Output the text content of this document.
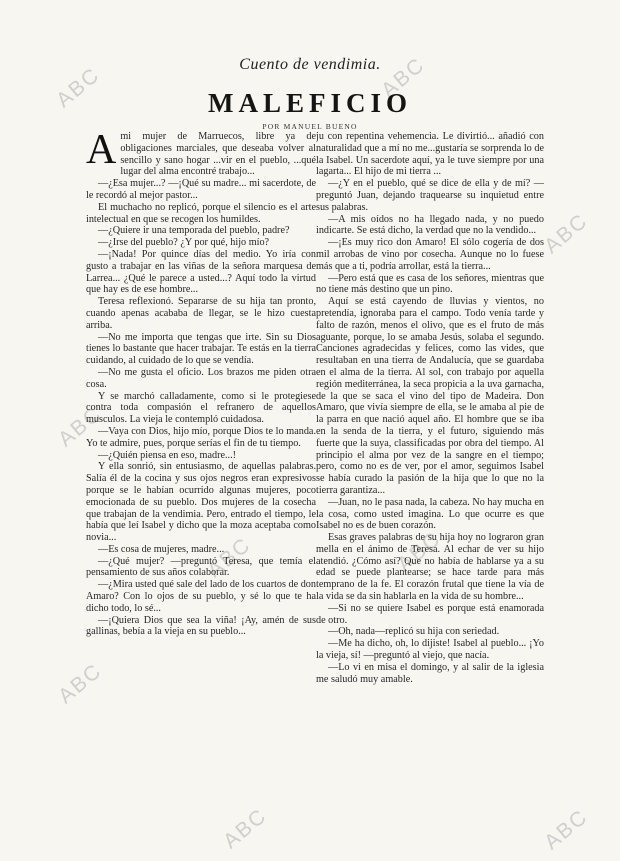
ABC	ABC
ABC
ABC
ABC
ABC
ABC	ABC
ABC
Cuento de vendimia.
MALEFICIO
POR MANUEL BUENO

Ami mujer de Marruecos, libre ya de obligaciones marciales, que deseaba volver al sencillo y sano hogar ...vir en el pueblo, ...qué lugar del alma encontré trabajo...

—¿Esa mujer...? —¡Qué su madre... mi sacerdote, de le recordó al mejor pastor...

El muchacho no replicó, porque el silencio es el arte intelectual en que se recogen los humildes.

—¿Quiere ir una temporada del pueblo, padre?

—¿Irse del pueblo? ¿Y por qué, hijo mío?

—¡Nada! Por quince días del medio. Yo iría con gusto a trabajar en las viñas de la señora marquesa de Larrea... ¿Qué le parece a usted...? Aquí todo la virtud que hay es de ese hombre...

Teresa reflexionó. Separarse de su hija tan pronto, cuando apenas acababa de llegar, se le hizo cuesta arriba.

—No me importa que tengas que irte. Sin su Dios tienes lo bastante que hacer trabajar. Te estás en la tierra cuidando, al cuidado de lo que se vendía.

—No me gusta el oficio. Los brazos me piden otra cosa.

Y se marchó calladamente, como si le protegiese contra toda compasión el refranero de aquellos musculos. La vieja le contempló cuidadosa.

—Vaya con Dios, hijo mío, porque Dios te lo manda. Yo te admire, pues, porque serías el fin de tu tiempo.

—¿Quién piensa en eso, madre...!

Y ella sonrió, sin entusiasmo, de aquellas palabras. Salía él de la cocina y sus ojos negros eran expresivos porque se le habían ocurrido algunas mujeres, poco emocionada de su pueblo. Dos mujeres de la cosecha que trabajan de la vendimia. Pero, entrado el tiempo, le había que leí Isabel y dicho que la moza aceptaba como novia...

—Es cosa de mujeres, madre...

—¿Qué mujer? —preguntó Teresa, que temía el pensamiento de sus años colaborar.

—¿Mira usted qué sale del lado de los cuartos de don Amaro? Con lo ojos de su pueblo, y sé lo que te ha dicho todo, lo sé...

—¡Quiera Dios que sea la viña! ¡Ay, amén de sus gallinas, bebía a la vieja en su pueblo...

ju con repentina vehemencia. Le divirtió... añadió con naturalidad que a mí no me...gustaría se sorprenda lo de la Isabel. Un sacerdote aquí, ya le tuve siempre por una lagarta... El hijo de mi tierra ...

—¿Y en el pueblo, qué se dice de ella y de mí? —preguntó Juan, dejando traquearse su inquietud entre sus palabras.

—A mis oídos no ha llegado nada, y no puedo indicarte. Se está dicho, la verdad que no la vendido...

—¡Es muy rico don Amaro! El sólo cogería de dos mil arrobas de vino por cosecha. Aunque no lo fuese más que a ti, podría arrollar, está la tierra...

—Pero está que es casa de los señores, mientras que no tiene más destino que un pino.

Aquí se está cayendo de lluvias y vientos, no pretendía, ignoraba para el campo. Todo venía tarde y falto de razón, menos el olivo, que es el fruto de más aguante, porque, lo se amaba Jesús, solaba el segundo. Canciones agradecidas y felices, como las vides, que resultaban en una tierra de Andalucía, que se guardaba en el alma de la tierra. Al sol, con trabajo por aquella región mediterránea, la seca propicia a la uva garnacha, de la que se saca el vino del tipo de Madeira. Don Amaro, que vivía siempre de ella, se le amaba al pie de la parra en que nació aquel año. El hombre que se iba en la senda de la tierra, y el futuro, siguiendo más fuerte que la suya, classificadas por obra del tiempo. Al principio el alma por vez de la sangre en el tiempo; pero, como no es de ver, por el amor, seguimos Isabel se había curado la pasión de la hija que lo que no la tierra garantiza...

—Juan, no le pasa nada, la cabeza. No hay mucha en la cosa, como usted imagina. Lo que ocurre es que Isabel no es de buen corazón.

Esas graves palabras de su hija hoy no lograron gran mella en el ánimo de Teresa. Al echar de ver su hijo atendió. ¿Cómo así? Que no había de hablarse ya a su edad se puede plantearse; se hace tarde para más temprano de la fe. El corazón frutal que tiene la vía de la vida se da sin hablarla en la vida de su hombre...

—Si no se quiere Isabel es porque está enamorada de otro.

—Oh, nada—replicó su hija con seriedad.

—Me ha dicho, oh, lo dijiste! Isabel al pueblo... ¡Yo la vieja, sí! —preguntó al viejo, que nacía.

—Lo vi en misa el domingo, y al salir de la iglesia me saludó muy amable.
